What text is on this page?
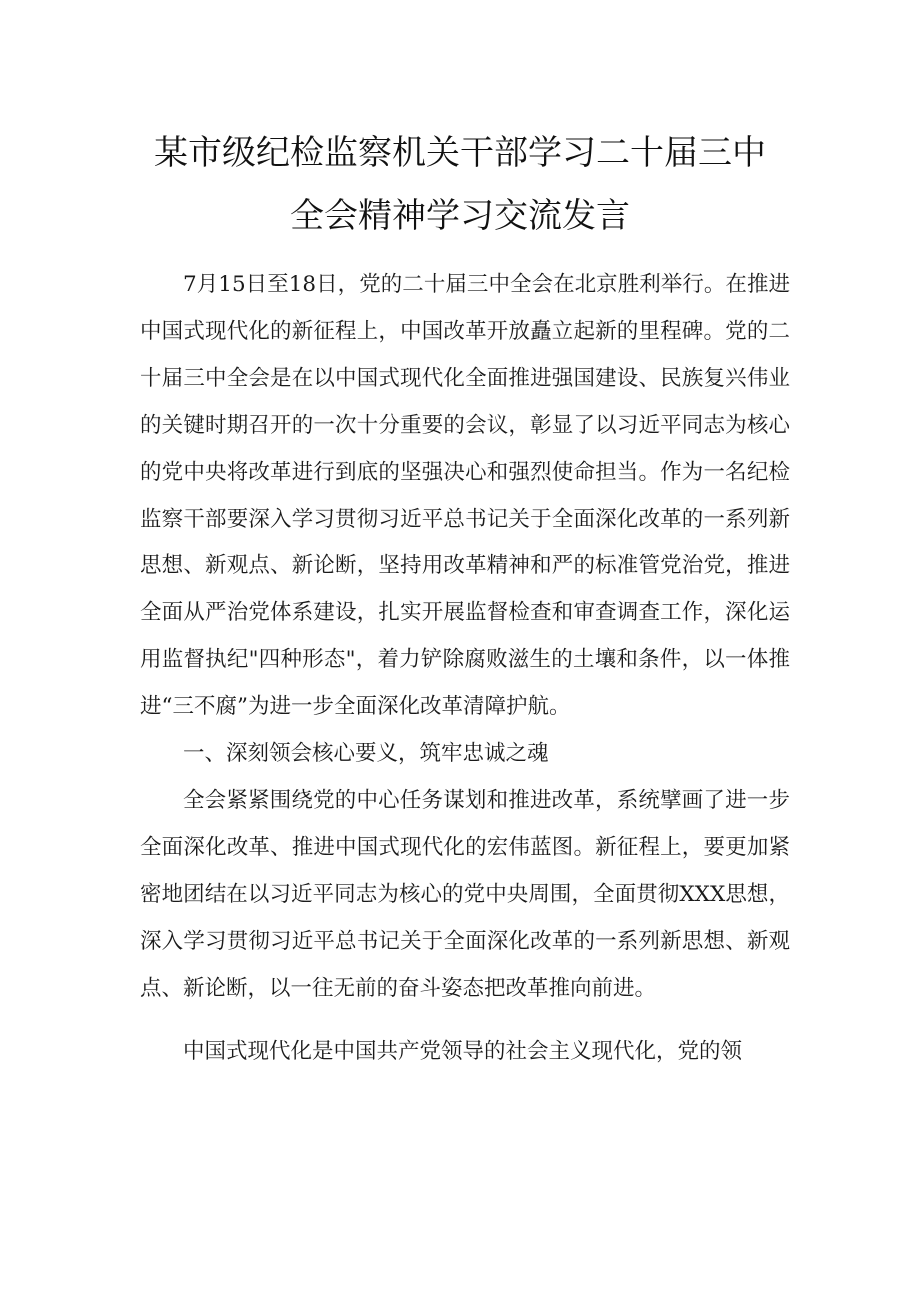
某市级纪检监察机关干部学习二十届三中
全会精神学习交流发言

7月15日至18日，党的二十届三中全会在北京胜利举行。在推进中国式现代化的新征程上，中国改革开放矗立起新的里程碑。党的二十届三中全会是在以中国式现代化全面推进强国建设、民族复兴伟业的关键时期召开的一次十分重要的会议，彰显了以习近平同志为核心的党中央将改革进行到底的坚强决心和强烈使命担当。作为一名纪检监察干部要深入学习贯彻习近平总书记关于全面深化改革的一系列新思想、新观点、新论断，坚持用改革精神和严的标准管党治党，推进全面从严治党体系建设，扎实开展监督检查和审查调查工作，深化运用监督执纪"四种形态"，着力铲除腐败滋生的土壤和条件，以一体推进“三不腐”为进一步全面深化改革清障护航。

一、深刻领会核心要义，筑牢忠诚之魂

全会紧紧围绕党的中心任务谋划和推进改革，系统擘画了进一步全面深化改革、推进中国式现代化的宏伟蓝图。新征程上，要更加紧密地团结在以习近平同志为核心的党中央周围，全面贯彻XXX思想，深入学习贯彻习近平总书记关于全面深化改革的一系列新思想、新观点、新论断，以一往无前的奋斗姿态把改革推向前进。

中国式现代化是中国共产党领导的社会主义现代化，党的领
